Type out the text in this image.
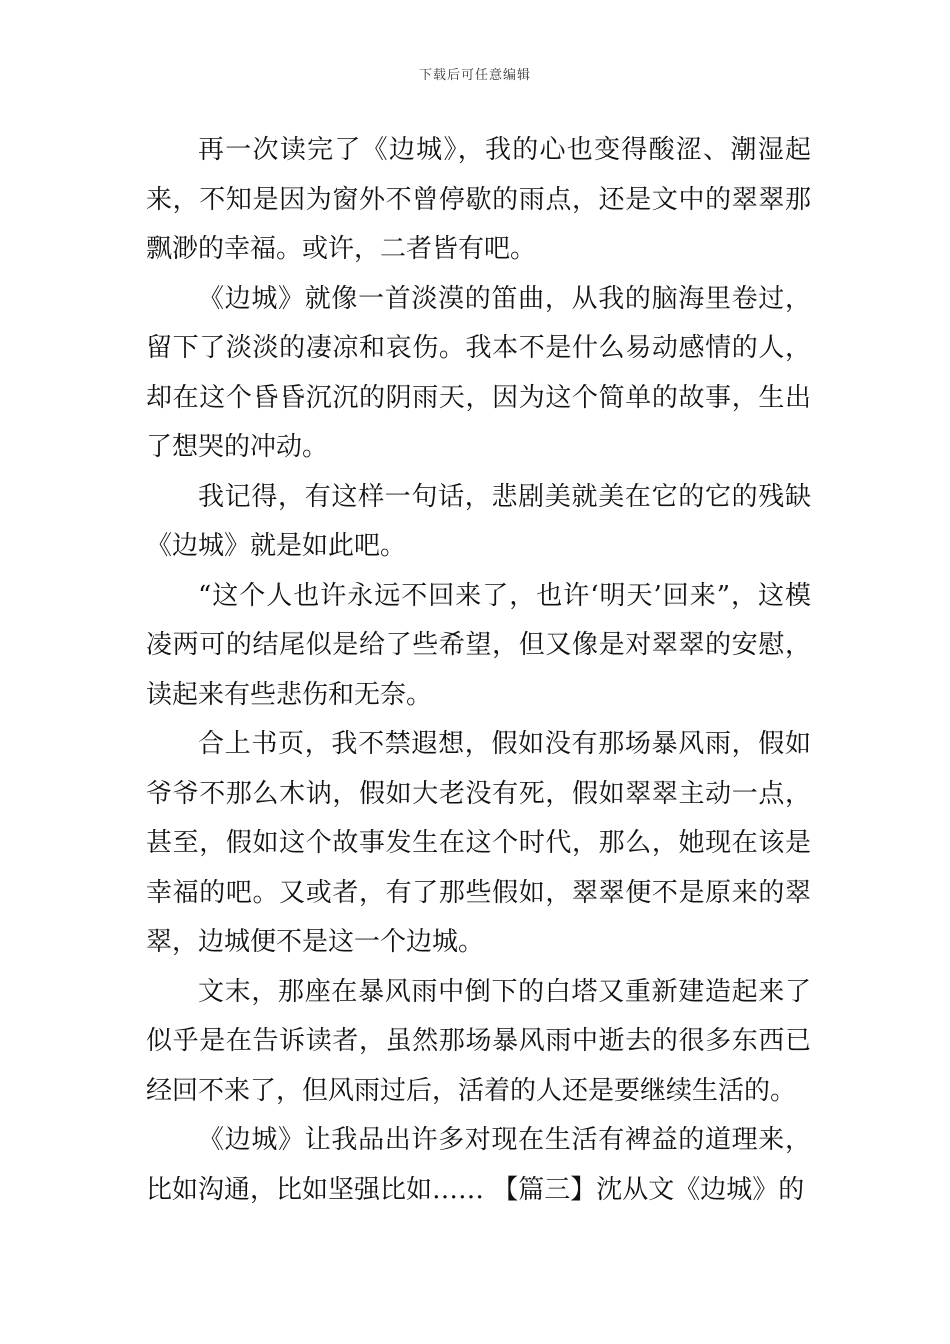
下载后可任意编辑

再一次读完了《边城》，我的心也变得酸涩、潮湿起来，不知是因为窗外不曾停歇的雨点，还是文中的翠翠那飘渺的幸福。或许，二者皆有吧。

《边城》就像一首淡漠的笛曲，从我的脑海里卷过，留下了淡淡的凄凉和哀伤。我本不是什么易动感情的人，却在这个昏昏沉沉的阴雨天，因为这个简单的故事，生出了想哭的冲动。

我记得，有这样一句话，悲剧美就美在它的它的残缺《边城》就是如此吧。

“这个人也许永远不回来了，也许‘明天’回来”，这模凌两可的结尾似是给了些希望，但又像是对翠翠的安慰，读起来有些悲伤和无奈。

合上书页，我不禁遐想，假如没有那场暴风雨，假如爷爷不那么木讷，假如大老没有死，假如翠翠主动一点，甚至，假如这个故事发生在这个时代，那么，她现在该是幸福的吧。又或者，有了那些假如，翠翠便不是原来的翠翠，边城便不是这一个边城。

文末，那座在暴风雨中倒下的白塔又重新建造起来了似乎是在告诉读者，虽然那场暴风雨中逝去的很多东西已经回不来了，但风雨过后，活着的人还是要继续生活的。

《边城》让我品出许多对现在生活有裨益的道理来，比如沟通，比如坚强比如…… 【篇三】沈从文《边城》的
